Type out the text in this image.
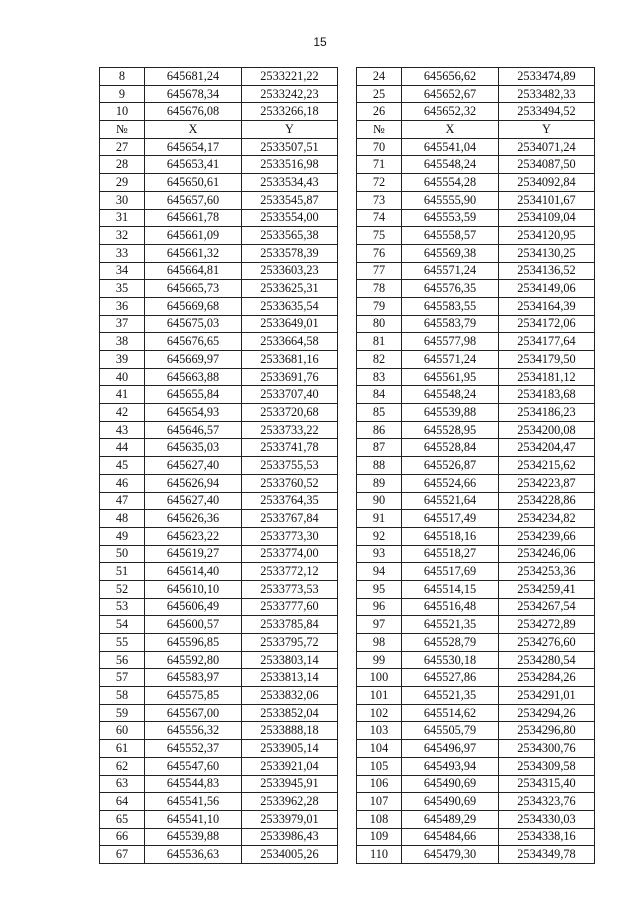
15
8	645681,24	2533221,22		24	645656,62	2533474,89
9	645678,34	2533242,23		25	645652,67	2533482,33
10	645676,08	2533266,18		26	645652,32	2533494,52
№	X	Y		№	X	Y
27	645654,17	2533507,51		70	645541,04	2534071,24
28	645653,41	2533516,98		71	645548,24	2534087,50
29	645650,61	2533534,43		72	645554,28	2534092,84
30	645657,60	2533545,87		73	645555,90	2534101,67
31	645661,78	2533554,00		74	645553,59	2534109,04
32	645661,09	2533565,38		75	645558,57	2534120,95
33	645661,32	2533578,39		76	645569,38	2534130,25
34	645664,81	2533603,23		77	645571,24	2534136,52
35	645665,73	2533625,31		78	645576,35	2534149,06
36	645669,68	2533635,54		79	645583,55	2534164,39
37	645675,03	2533649,01		80	645583,79	2534172,06
38	645676,65	2533664,58		81	645577,98	2534177,64
39	645669,97	2533681,16		82	645571,24	2534179,50
40	645663,88	2533691,76		83	645561,95	2534181,12
41	645655,84	2533707,40		84	645548,24	2534183,68
42	645654,93	2533720,68		85	645539,88	2534186,23
43	645646,57	2533733,22		86	645528,95	2534200,08
44	645635,03	2533741,78		87	645528,84	2534204,47
45	645627,40	2533755,53		88	645526,87	2534215,62
46	645626,94	2533760,52		89	645524,66	2534223,87
47	645627,40	2533764,35		90	645521,64	2534228,86
48	645626,36	2533767,84		91	645517,49	2534234,82
49	645623,22	2533773,30		92	645518,16	2534239,66
50	645619,27	2533774,00		93	645518,27	2534246,06
51	645614,40	2533772,12		94	645517,69	2534253,36
52	645610,10	2533773,53		95	645514,15	2534259,41
53	645606,49	2533777,60		96	645516,48	2534267,54
54	645600,57	2533785,84		97	645521,35	2534272,89
55	645596,85	2533795,72		98	645528,79	2534276,60
56	645592,80	2533803,14		99	645530,18	2534280,54
57	645583,97	2533813,14		100	645527,86	2534284,26
58	645575,85	2533832,06		101	645521,35	2534291,01
59	645567,00	2533852,04		102	645514,62	2534294,26
60	645556,32	2533888,18		103	645505,79	2534296,80
61	645552,37	2533905,14		104	645496,97	2534300,76
62	645547,60	2533921,04		105	645493,94	2534309,58
63	645544,83	2533945,91		106	645490,69	2534315,40
64	645541,56	2533962,28		107	645490,69	2534323,76
65	645541,10	2533979,01		108	645489,29	2534330,03
66	645539,88	2533986,43		109	645484,66	2534338,16
67	645536,63	2534005,26		110	645479,30	2534349,78
